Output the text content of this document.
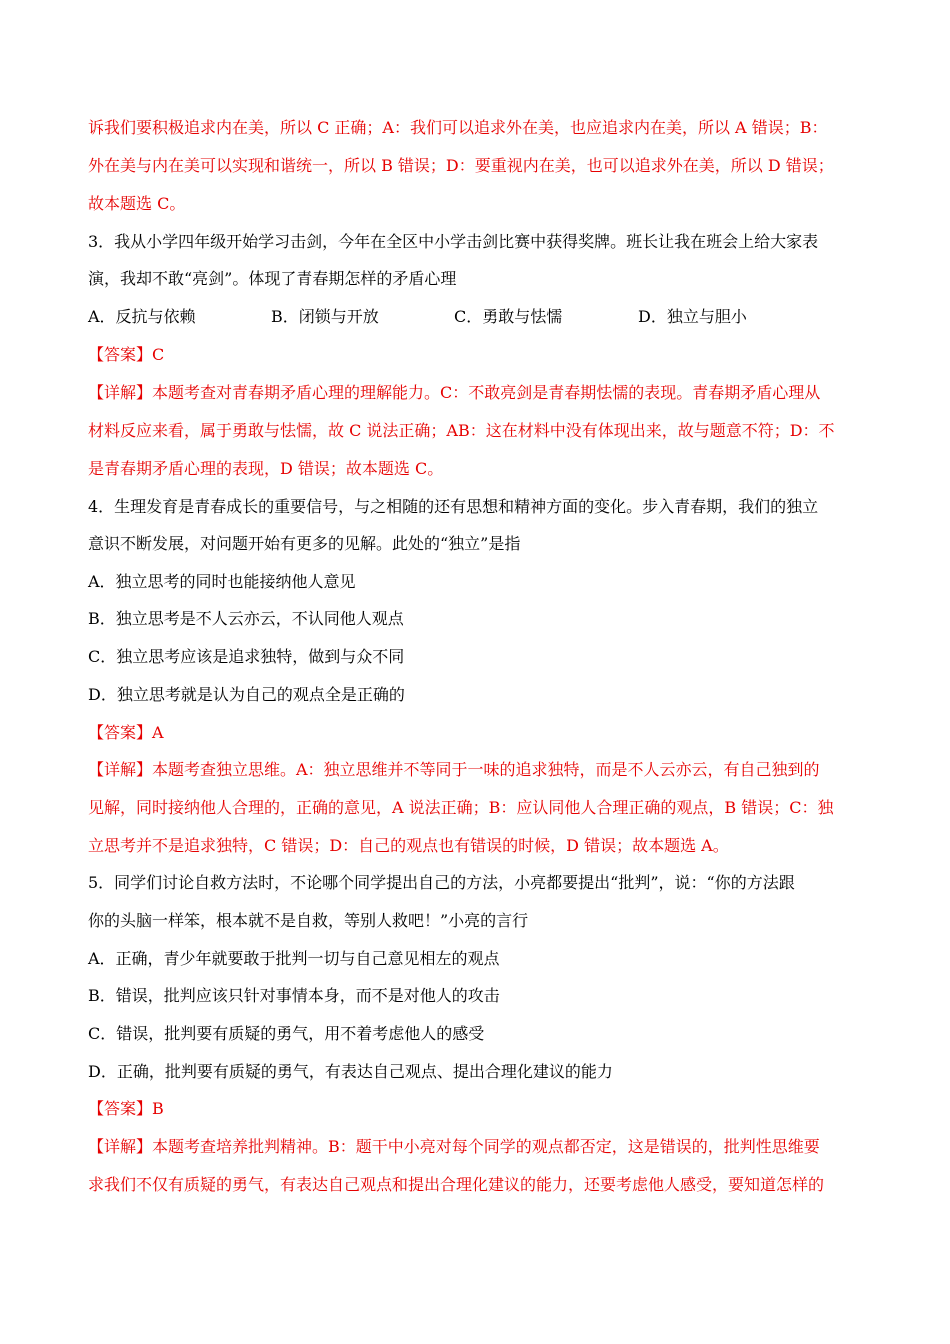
诉我们要积极追求内在美，所以 C 正确；A：我们可以追求外在美，也应追求内在美，所以 A 错误；B：
外在美与内在美可以实现和谐统一，所以 B 错误；D：要重视内在美，也可以追求外在美，所以 D 错误；
故本题选 C。
3．我从小学四年级开始学习击剑，今年在全区中小学击剑比赛中获得奖牌。班长让我在班会上给大家表
演，我却不敢“亮剑”。体现了青春期怎样的矛盾心理
A．反抗与依赖	B．闭锁与开放	C．勇敢与怯懦	D．独立与胆小
【答案】C
【详解】本题考查对青春期矛盾心理的理解能力。C：不敢亮剑是青春期怯懦的表现。青春期矛盾心理从
材料反应来看，属于勇敢与怯懦，故 C 说法正确；AB：这在材料中没有体现出来，故与题意不符；D：不
是青春期矛盾心理的表现，D 错误；故本题选 C。
4．生理发育是青春成长的重要信号，与之相随的还有思想和精神方面的变化。步入青春期，我们的独立
意识不断发展，对问题开始有更多的见解。此处的“独立”是指
A．独立思考的同时也能接纳他人意见
B．独立思考是不人云亦云，不认同他人观点
C．独立思考应该是追求独特，做到与众不同
D．独立思考就是认为自己的观点全是正确的
【答案】A
【详解】本题考查独立思维。A：独立思维并不等同于一味的追求独特，而是不人云亦云，有自己独到的
见解，同时接纳他人合理的，正确的意见，A 说法正确；B：应认同他人合理正确的观点，B 错误；C：独
立思考并不是追求独特，C 错误；D：自己的观点也有错误的时候，D 错误；故本题选 A。
5．同学们讨论自救方法时，不论哪个同学提出自己的方法，小亮都要提出“批判”，说：“你的方法跟
你的头脑一样笨，根本就不是自救，等别人救吧！”小亮的言行
A．正确，青少年就要敢于批判一切与自己意见相左的观点
B．错误，批判应该只针对事情本身，而不是对他人的攻击
C．错误，批判要有质疑的勇气，用不着考虑他人的感受
D．正确，批判要有质疑的勇气，有表达自己观点、提出合理化建议的能力
【答案】B
【详解】本题考查培养批判精神。B：题干中小亮对每个同学的观点都否定，这是错误的，批判性思维要
求我们不仅有质疑的勇气，有表达自己观点和提出合理化建议的能力，还要考虑他人感受，要知道怎样的
